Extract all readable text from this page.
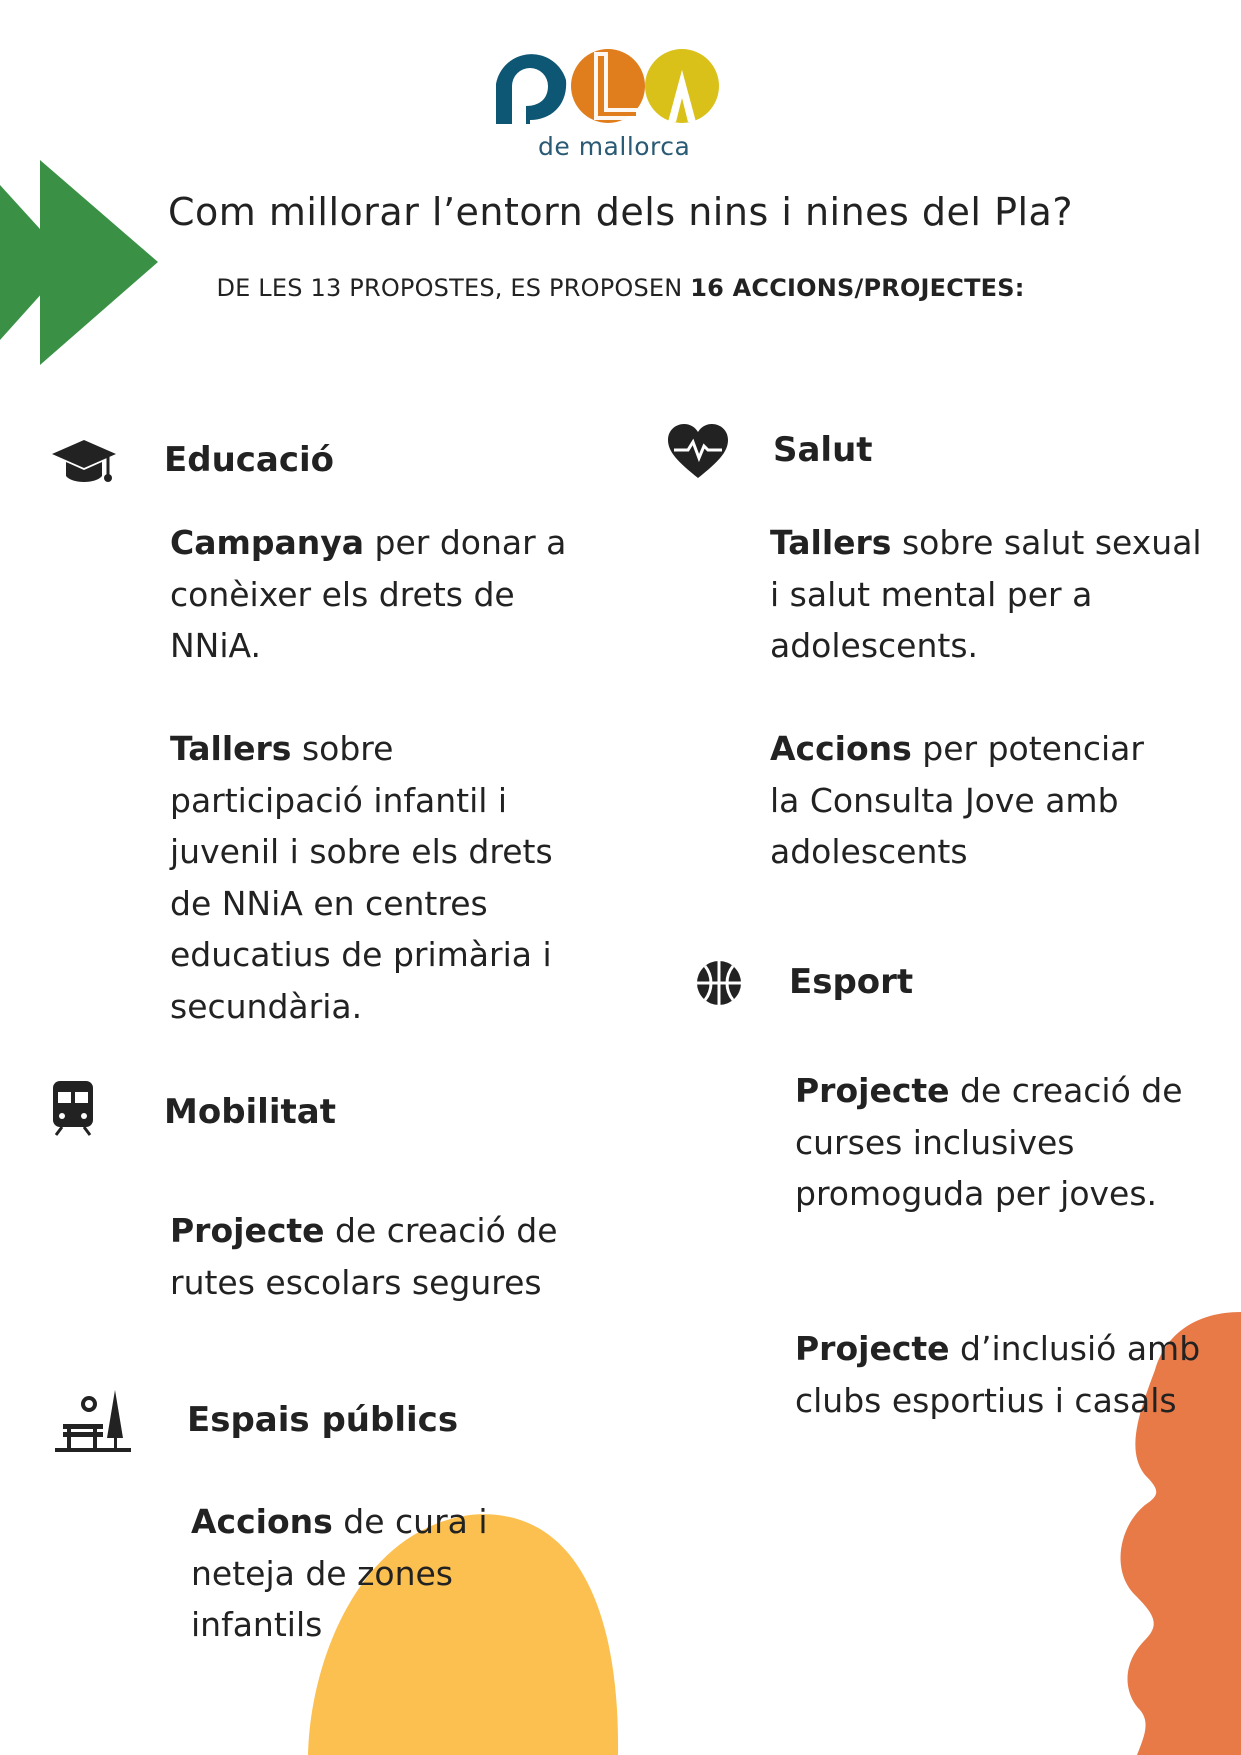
de mallorca
Com millorar l’entorn dels nins i nines del Pla?
DE LES 13 PROPOSTES, ES PROPOSEN 16 ACCIONS/PROJECTES:
Educació
Campanya per donar a conèixer els drets de NNiA.
Tallers sobre participació infantil i juvenil i sobre els drets de NNiA en centres educatius de primària i secundària.
Mobilitat
Projecte de creació de rutes escolars segures
Espais públics
Accions de cura i neteja de zones infantils
Salut
Tallers sobre salut sexual i salut mental per a adolescents.
Accions per potenciar la Consulta Jove amb adolescents
Esport
Projecte de creació de curses inclusives promoguda per joves.
Projecte d’inclusió amb clubs esportius i casals
